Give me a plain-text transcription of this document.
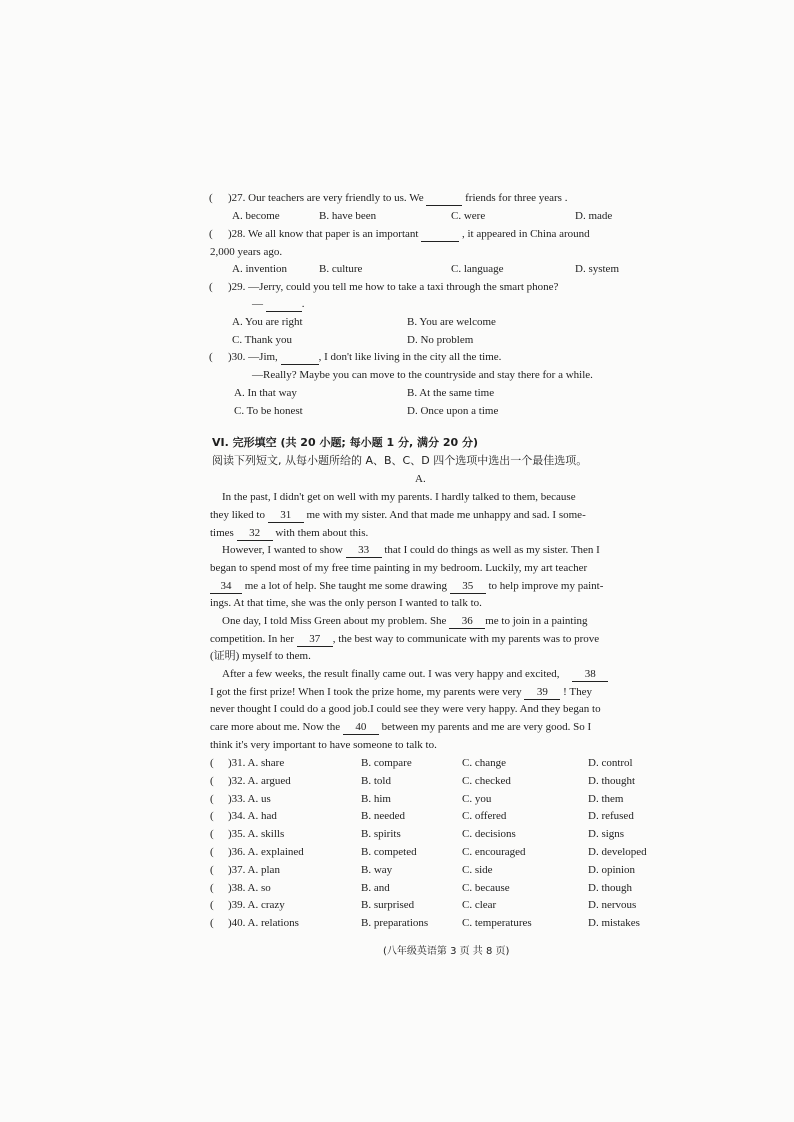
( )27. Our teachers are very friendly to us. We	friends for three years .
A. become	B. have been	C. were	D. made
( )28. We all know that paper is an important	, it appeared in China around
2,000 years ago.
A. invention	B. culture	C. language	D. system
( )29. —Jerry, could you tell me how to take a taxi through the smart phone?
—	.
A. You are right	B. You are welcome
C. Thank you	D. No problem
( )30. —Jim,	, I don't like living in the city all the time.
—Really? Maybe you can move to the countryside and stay there for a while.
A. In that way	B. At the same time
C. To be honest	D. Once upon a time
VI. 完形填空 (共 20 小题; 每小题 1 分, 满分 20 分)
阅读下列短文, 从每小题所给的 A、B、C、D 四个选项中选出一个最佳选项。
A.
In the past, I didn't get on well with my parents. I hardly talked to them, because
they liked to 31 me with my sister. And that made me unhappy and sad. I some-
times 32 with them about this.
However, I wanted to show 33 that I could do things as well as my sister. Then I
began to spend most of my free time painting in my bedroom. Luckily, my art teacher
34 me a lot of help. She taught me some drawing 35 to help improve my paint-
ings. At that time, she was the only person I wanted to talk to.
One day, I told Miss Green about my problem. She 36 me to join in a painting
competition. In her 37 , the best way to communicate with my parents was to prove
(证明) myself to them.
After a few weeks, the result finally came out. I was very happy and excited, 38
I got the first prize! When I took the prize home, my parents were very 39 ! They
never thought I could do a good job.I could see they were very happy. And they began to
care more about me. Now the 40 between my parents and me are very good. So I
think it's very important to have someone to talk to.
( )31. A. share	B. compare	C. change	D. control
( )32. A. argued	B. told	C. checked	D. thought
( )33. A. us	B. him	C. you	D. them
( )34. A. had	B. needed	C. offered	D. refused
( )35. A. skills	B. spirits	C. decisions	D. signs
( )36. A. explained	B. competed	C. encouraged	D. developed
( )37. A. plan	B. way	C. side	D. opinion
( )38. A. so	B. and	C. because	D. though
( )39. A. crazy	B. surprised	C. clear	D. nervous
( )40. A. relations	B. preparations	C. temperatures	D. mistakes
(八年级英语第 3 页 共 8 页)
